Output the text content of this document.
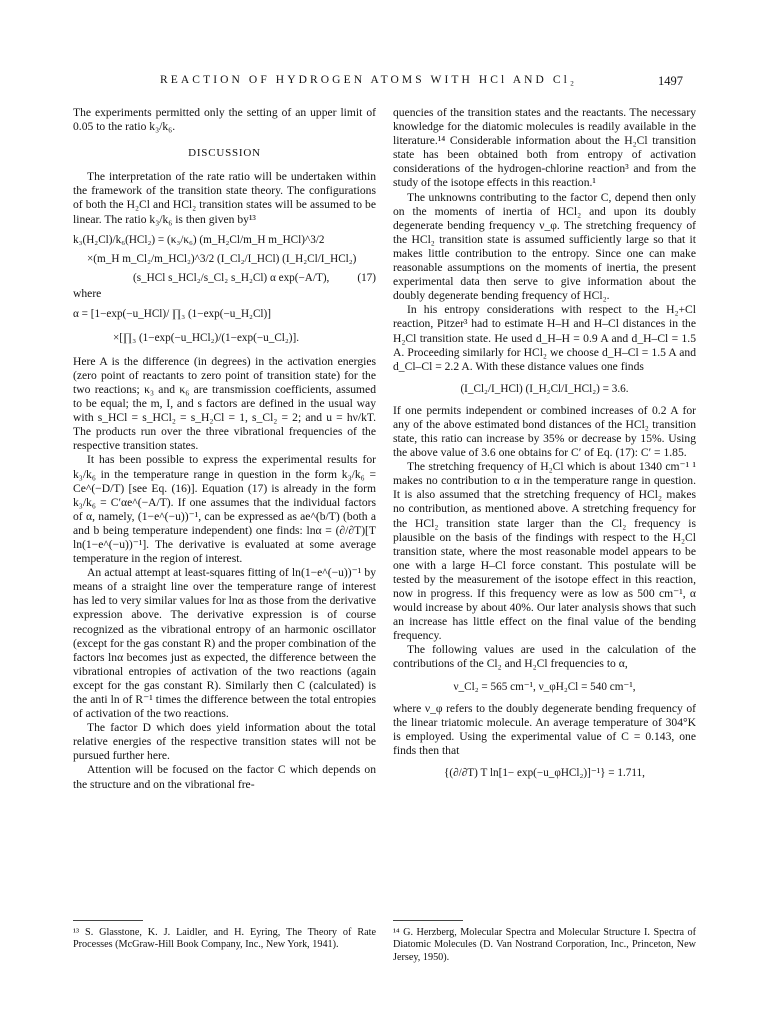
REACTION OF HYDROGEN ATOMS WITH HCl AND Cl₂	1497

The experiments permitted only the setting of an upper limit of 0.05 to the ratio k₃/k₆.

DISCUSSION

The interpretation of the rate ratio will be undertaken within the framework of the transition state theory. The configurations of both the H₂Cl and HCl₂ transition states will be assumed to be linear. The ratio k₃/k₆ is then given by¹³

k₃(H₂Cl)/k₆(HCl₂) = (κ₃/κ₆) (m_H₂Cl/m_H m_HCl)^3/2
×(m_H m_Cl₂/m_HCl₂)^3/2 (I_Cl₂/I_HCl) (I_H₂Cl/I_HCl₂)
(s_HCl s_HCl₂/s_Cl₂ s_H₂Cl) α exp(−A/T),	(17)

where

α = [1−exp(−u_HCl)/ ∏₃ (1−exp(−u_H₂Cl)]
×[∏₃ (1−exp(−u_HCl₂)/(1−exp(−u_Cl₂)].

Here A is the difference (in degrees) in the activation energies (zero point of reactants to zero point of transition state) for the two reactions; κ₃ and κ₆ are transmission coefficients, assumed to be equal; the m, I, and s factors are defined in the usual way with s_HCl = s_HCl₂ = s_H₂Cl = 1, s_Cl₂ = 2; and u = hν/kT. The products run over the three vibrational frequencies of the respective transition states.

It has been possible to express the experimental results for k₃/k₆ in the temperature range in question in the form k₃/k₆ = Ce^(−D/T) [see Eq. (16)]. Equation (17) is already in the form k₃/k₆ = C′αe^(−A/T). If one assumes that the individual factors of α, namely, (1−e^(−u))⁻¹, can be expressed as ae^(b/T) (both a and b being temperature independent) one finds: lnα = (∂/∂T)[T ln(1−e^(−u))⁻¹]. The derivative is evaluated at some average temperature in the region of interest.

An actual attempt at least-squares fitting of ln(1−e^(−u))⁻¹ by means of a straight line over the temperature range of interest has led to very similar values for lnα as those from the derivative expression above. The derivative expression is of course recognized as the vibrational entropy of an harmonic oscillator (except for the gas constant R) and the proper combination of the factors lnα becomes just as expected, the difference between the vibrational entropies of activation of the two reactions (again except for the gas constant R). Similarly then C (calculated) is the anti ln of R⁻¹ times the difference between the total entropies of activation of the two reactions.

The factor D which does yield information about the total relative energies of the respective transition states will not be pursued further here.

Attention will be focused on the factor C which depends on the structure and on the vibrational fre-

quencies of the transition states and the reactants. The necessary knowledge for the diatomic molecules is readily available in the literature.¹⁴ Considerable information about the H₂Cl transition state has been obtained both from entropy of activation considerations of the hydrogen-chlorine reaction³ and from the study of the isotope effects in this reaction.¹

The unknowns contributing to the factor C, depend then only on the moments of inertia of HCl₂ and upon its doubly degenerate bending frequency ν_φ. The stretching frequency of the HCl₂ transition state is assumed sufficiently large so that it makes little contribution to the entropy. Since one can make reasonable assumptions on the moments of inertia, the present experimental data then serve to give information about the doubly degenerate bending frequency of HCl₂.

In his entropy considerations with respect to the H₂+Cl reaction, Pitzer³ had to estimate H–H and H–Cl distances in the H₂Cl transition state. He used d_H–H = 0.9 A and d_H–Cl = 1.5 A. Proceeding similarly for HCl₂ we choose d_H–Cl = 1.5 A and d_Cl–Cl = 2.2 A. With these distance values one finds

(I_Cl₂/I_HCl) (I_H₂Cl/I_HCl₂) = 3.6.

If one permits independent or combined increases of 0.2 A for any of the above estimated bond distances of the HCl₂ transition state, this ratio can increase by 35% or decrease by 15%. Using the above value of 3.6 one obtains for C′ of Eq. (17): C′ = 1.85.

The stretching frequency of H₂Cl which is about 1340 cm⁻¹ ¹ makes no contribution to α in the temperature range in question. It is also assumed that the stretching frequency of HCl₂ makes no contribution, as mentioned above. A stretching frequency for the HCl₂ transition state larger than the Cl₂ frequency is plausible on the basis of the findings with respect to the H₂Cl transition state, where the most reasonable model appears to be one with a large H–Cl force constant. This postulate will be tested by the measurement of the isotope effect in this reaction, now in progress. If this frequency were as low as 500 cm⁻¹, α would increase by about 40%. Our later analysis shows that such an increase has little effect on the final value of the bending frequency.

The following values are used in the calculation of the contributions of the Cl₂ and H₂Cl frequencies to α,

ν_Cl₂ = 565 cm⁻¹, ν_φH₂Cl = 540 cm⁻¹,

where ν_φ refers to the doubly degenerate bending frequency of the linear triatomic molecule. An average temperature of 304°K is employed. Using the experimental value of C = 0.143, one finds then that

{(∂/∂T) T ln[1− exp(−u_φHCl₂)]⁻¹} = 1.711,
¹³ S. Glasstone, K. J. Laidler, and H. Eyring, The Theory of Rate Processes (McGraw-Hill Book Company, Inc., New York, 1941).
¹⁴ G. Herzberg, Molecular Spectra and Molecular Structure I. Spectra of Diatomic Molecules (D. Van Nostrand Corporation, Inc., Princeton, New Jersey, 1950).
